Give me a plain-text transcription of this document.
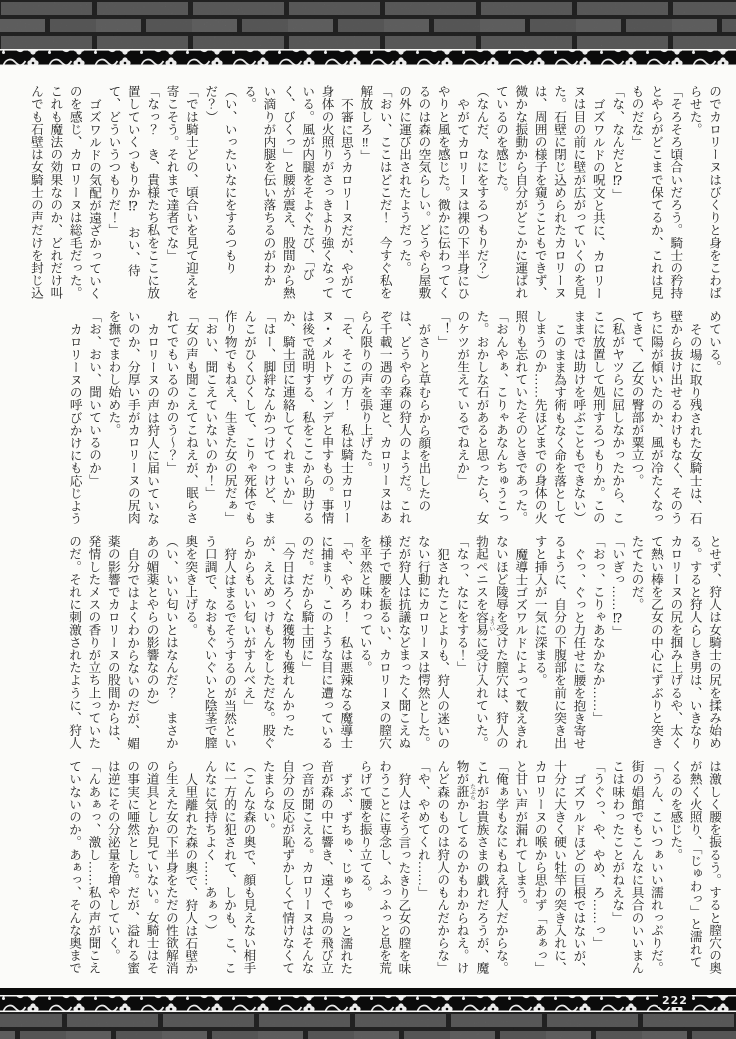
のでカロリーヌはびくりと身をこわばらせた。

「そろそろ頃合いだろう。騎士の矜持とやらがどこまで保てるか、これは見ものだな」

「な、なんだと⁉」

ゴズワルドの呪文と共に、カロリーヌは目の前に壁が広がっていくのを見た。石壁に閉じ込められたカロリーヌは、周囲の様子を窺うこともできず、微かな振動から自分がどこかに運ばれているのを感じた。

（なんだ、なにをするつもりだ？）

やがてカロリーヌは裸の下半身にひやりと風を感じた。微かに伝わってくるのは森の空気らしい。どうやら屋敷の外に運び出されたようだった。

「おい、ここはどこだ！　今すぐ私を解放しろ‼」

不審に思うカロリーヌだが、やがて身体の火照りがさっきより強くなっている。風が内腿をそよぐたび、「びく、びくっ」と腰が震え、股間から熱い滴りが内腿を伝い落ちるのがわかる。

（い、いったいなにをするつもりだ？）

「では騎士どの、頃合いを見て迎えを寄こそう。それまで達者でな」

「なっ？　き、貴様たち私をここに放置していくつもりか⁉　おい、待て、どういうつもりだ！」

ゴズワルドの気配が遠ざかっていくのを感じ、カロリーヌは総毛だった。これも魔法の効果なのか、どれだけ叫んでも石壁は女騎士の声だけを封じ込

めている。

その場に取り残された女騎士は、石壁から抜け出せるわけもなく、そのうちに陽が傾いたのか、風が冷たくなってきて、乙女の臀部が粟立つ。

（私がヤツらに屈しなかったから、ここに放置して処刑するつもりか。このままでは助けを呼ぶこともできない）

このまま為す術もなく命を落としてしまうのか……先ほどまでの身体の火照りも忘れていたそのときであった。

「おんやぁ、こりゃあなんちゅうこった。おかしな石があると思ったら、女のケツが生えているでねえか」

「！」

がさりと草むらから顔を出したのは、どうやら森の狩人のようだ。これぞ千載一遇の幸運と、カロリーヌはあらん限りの声を張り上げた。

「そ、そこの方！　私は騎士カロリーヌ・メルトヴィンデと申すもの。事情は後で説明する、私をここから助けるか、騎士団に連絡してくれまいか」

「はー、脚絆なんかつけてっけど、まんこがひくひくして、こりゃ死体でも作り物でもねえ、生きた女の尻だぁ」

「おい、聞こえていないのか！」

「女の声も聞こえてこねえが、眠らされてでもいるのかのう～？」

カロリーヌの声は狩人に届いていないのか、分厚い手がカロリーヌの尻肉を撫でまわし始めた。

「お、おい、聞いているのか」

カロリーヌの呼びかけにも応じよう

とせず、狩人は女騎士の尻を揉み始める。すると狩人らしき男は、いきなりカロリーヌの尻を掴み上げるや、太くて熱い棒を乙女の中心にずぶりと突きたてたのだ。

「いぎっ……⁉」

「おっ、こりゃあなかなか……」

ぐっ、ぐっと力任せに腰を抱き寄せるように、自分の下腹部を前に突き出すと挿入が一気に深まる。

魔導士ゴズワルドによって数えきれないほど陵辱を受けた膣穴は、狩人の勃起ペニスを容易 よういに受け入れていた。

「なっ、なにをする！」

犯されたことよりも、狩人の迷いのない行動にカロリーヌは愕然とした。だが狩人は抗議などまったく聞こえぬ様子で腰を振るい、カロリーヌの膣穴を平然と味わっている。

「や、やめろ！　私は悪辣なる魔導士に捕まり、このような目に遭っているのだ。だから騎士団に」

「今日はろくな獲物も獲れんかったが、ええめっけもんをしただな。股ぐらからもいい匂いがすんべえ」

狩人はまるでそうするのが当然という口調で、なおもぐいぐいと陰茎で膣奥を突き上げる。

（い、いい匂いとはなんだ？　まさかあの媚薬とやらの影響なのか）

自分ではよくわからないのだが、媚薬の影響でカロリーヌの股間からは、発情したメスの香りが立ち上っていたのだ。それに刺激されたように、狩人

は激しく腰を振るう。すると膣穴の奥が熱く火照り、「じゅわっ」と濡れてくるのを感じた。

「うん、こいつぁいい濡れっぷりだ。街の娼館でもこんなに具合のいいまんこは味わったことがねえな」

「うぐっ、や、やめ、ろ……っ」

ゴズワルドほどの巨根ではないが、十分に大きく硬い牡竿の突き入れに、カロリーヌの喉から思わず「あぁっ」と甘い声が漏れてしまう。

「俺ぁ学もなにもねえ狩人だからな。これがお貴族さまの戯れだろうが、魔物が誑 たぶらかしてるのかもわからねえ。けんど森のものは狩人のもんだからな」

「や、やめてくれ……」

狩人はそう言ったきり乙女の膣を味わうことに専念し、ふっふっと息を荒らげて腰を振り立てる。

ずぶ、ずちゅ、じゅちゅっと濡れた音が森の中に響き、遠くで鳥の飛び立つ音が聞こえる。カロリーヌはそんな自分の反応が恥ずかしくて情けなくてたまらない。

（こんな森の奥で、顔も見えない相手に一方的に犯されて、しかも、こ、こんなに気持ちよく……あぁっ）

人里離れた森の奥で、狩人は石壁から生えた女の下半身をただの性欲解消の道具としか見ていない。女騎士はその事実に唖然とした。だが、溢れる蜜は逆にその分泌量を増やしていく。

「んあぁっ、激し……私の声が聞こえていないのか。あぁっ、そんな奥まで

222
